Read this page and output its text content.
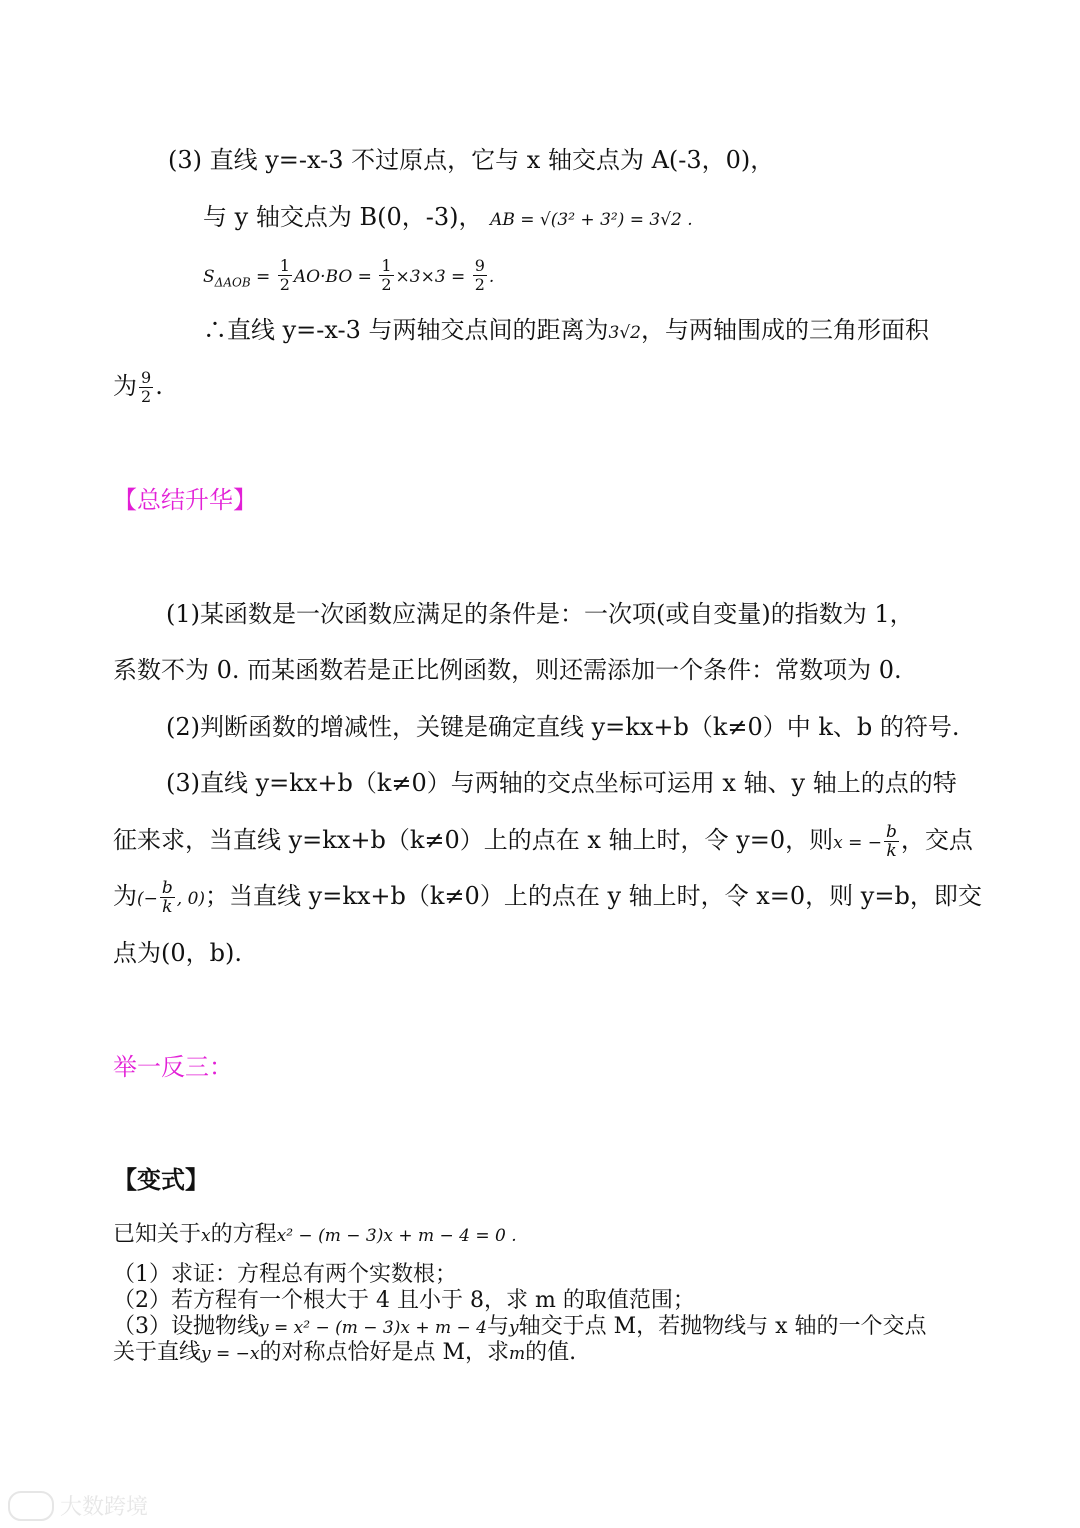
(3) 直线 y=-x-3 不过原点，它与 x 轴交点为 A(-3，0)，
与 y 轴交点为 B(0，-3)， AB = √(3² + 3²) = 3√2 .
$S_{\Delta AOB} = \frac{1}{2} AO\cdot BO = \frac{1}{2} \times 3\times 3 = \frac{9}{2}$ .
∴直线 y=-x-3 与两轴交点间的距离为3√2，与两轴围成的三角形面积
为 $\frac{9}{2}$ .
【总结升华】
(1)某函数是一次函数应满足的条件是：一次项(或自变量)的指数为 1，
系数不为 0. 而某函数若是正比例函数，则还需添加一个条件：常数项为 0.
(2)判断函数的增减性，关键是确定直线 y=kx+b（k≠0）中 k、b 的符号.
(3)直线 y=kx+b（k≠0）与两轴的交点坐标可运用 x 轴、y 轴上的点的特
征来求，当直线 y=kx+b（k≠0）上的点在 x 轴上时，令 y=0，则x = − $\frac{b}{k}$ ，交点
为(− $\frac{b}{k}$ , 0)；当直线 y=kx+b（k≠0）上的点在 y 轴上时，令 x=0，则 y=b，即交
点为(0，b).
举一反三：
【变式】
已知关于x的方程x² − (m − 3)x + m − 4 = 0 .
（1）求证：方程总有两个实数根；
（2）若方程有一个根大于 4 且小于 8，求 m 的取值范围；
（3）设抛物线y = x² − (m − 3)x + m − 4与y轴交于点 M，若抛物线与 x 轴的一个交点
关于直线y = −x的对称点恰好是点 M，求m的值.
大数跨境
